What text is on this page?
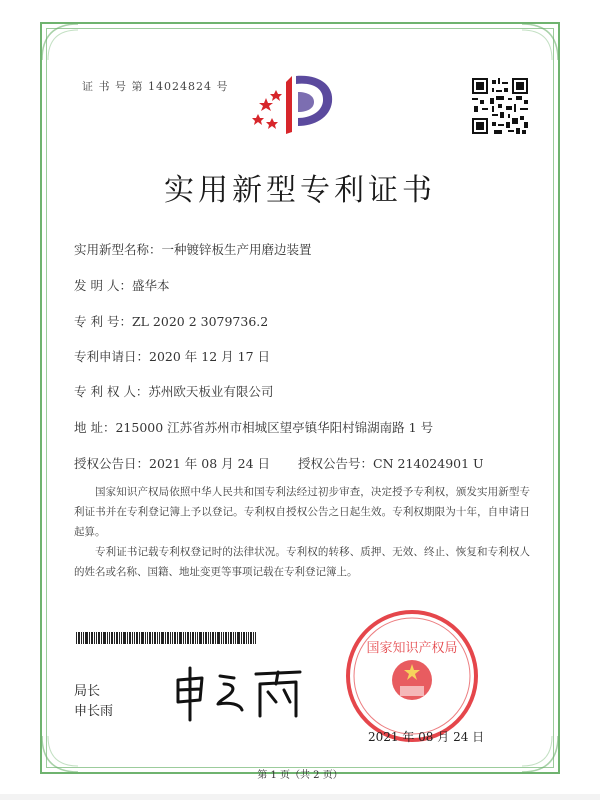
证 书 号 第 14024824 号
实用新型专利证书
实用新型名称：一种镀锌板生产用磨边装置
发 明 人：盛华本
专 利 号：ZL 2020 2 3079736.2
专利申请日：2020 年 12 月 17 日
专 利 权 人：苏州欧天板业有限公司
地 址：215000 江苏省苏州市相城区望亭镇华阳村锦湖南路 1 号
授权公告日：2021 年 08 月 24 日 授权公告号：CN 214024901 U
国家知识产权局依照中华人民共和国专利法经过初步审查，决定授予专利权，颁发实用新型专利证书并在专利登记簿上予以登记。专利权自授权公告之日起生效。专利权期限为十年，自申请日起算。
专利证书记载专利权登记时的法律状况。专利权的转移、质押、无效、终止、恢复和专利权人的姓名或名称、国籍、地址变更等事项记载在专利登记簿上。
局长
申长雨
国家知识产权局
2021 年 08 月 24 日
第 1 页（共 2 页）
